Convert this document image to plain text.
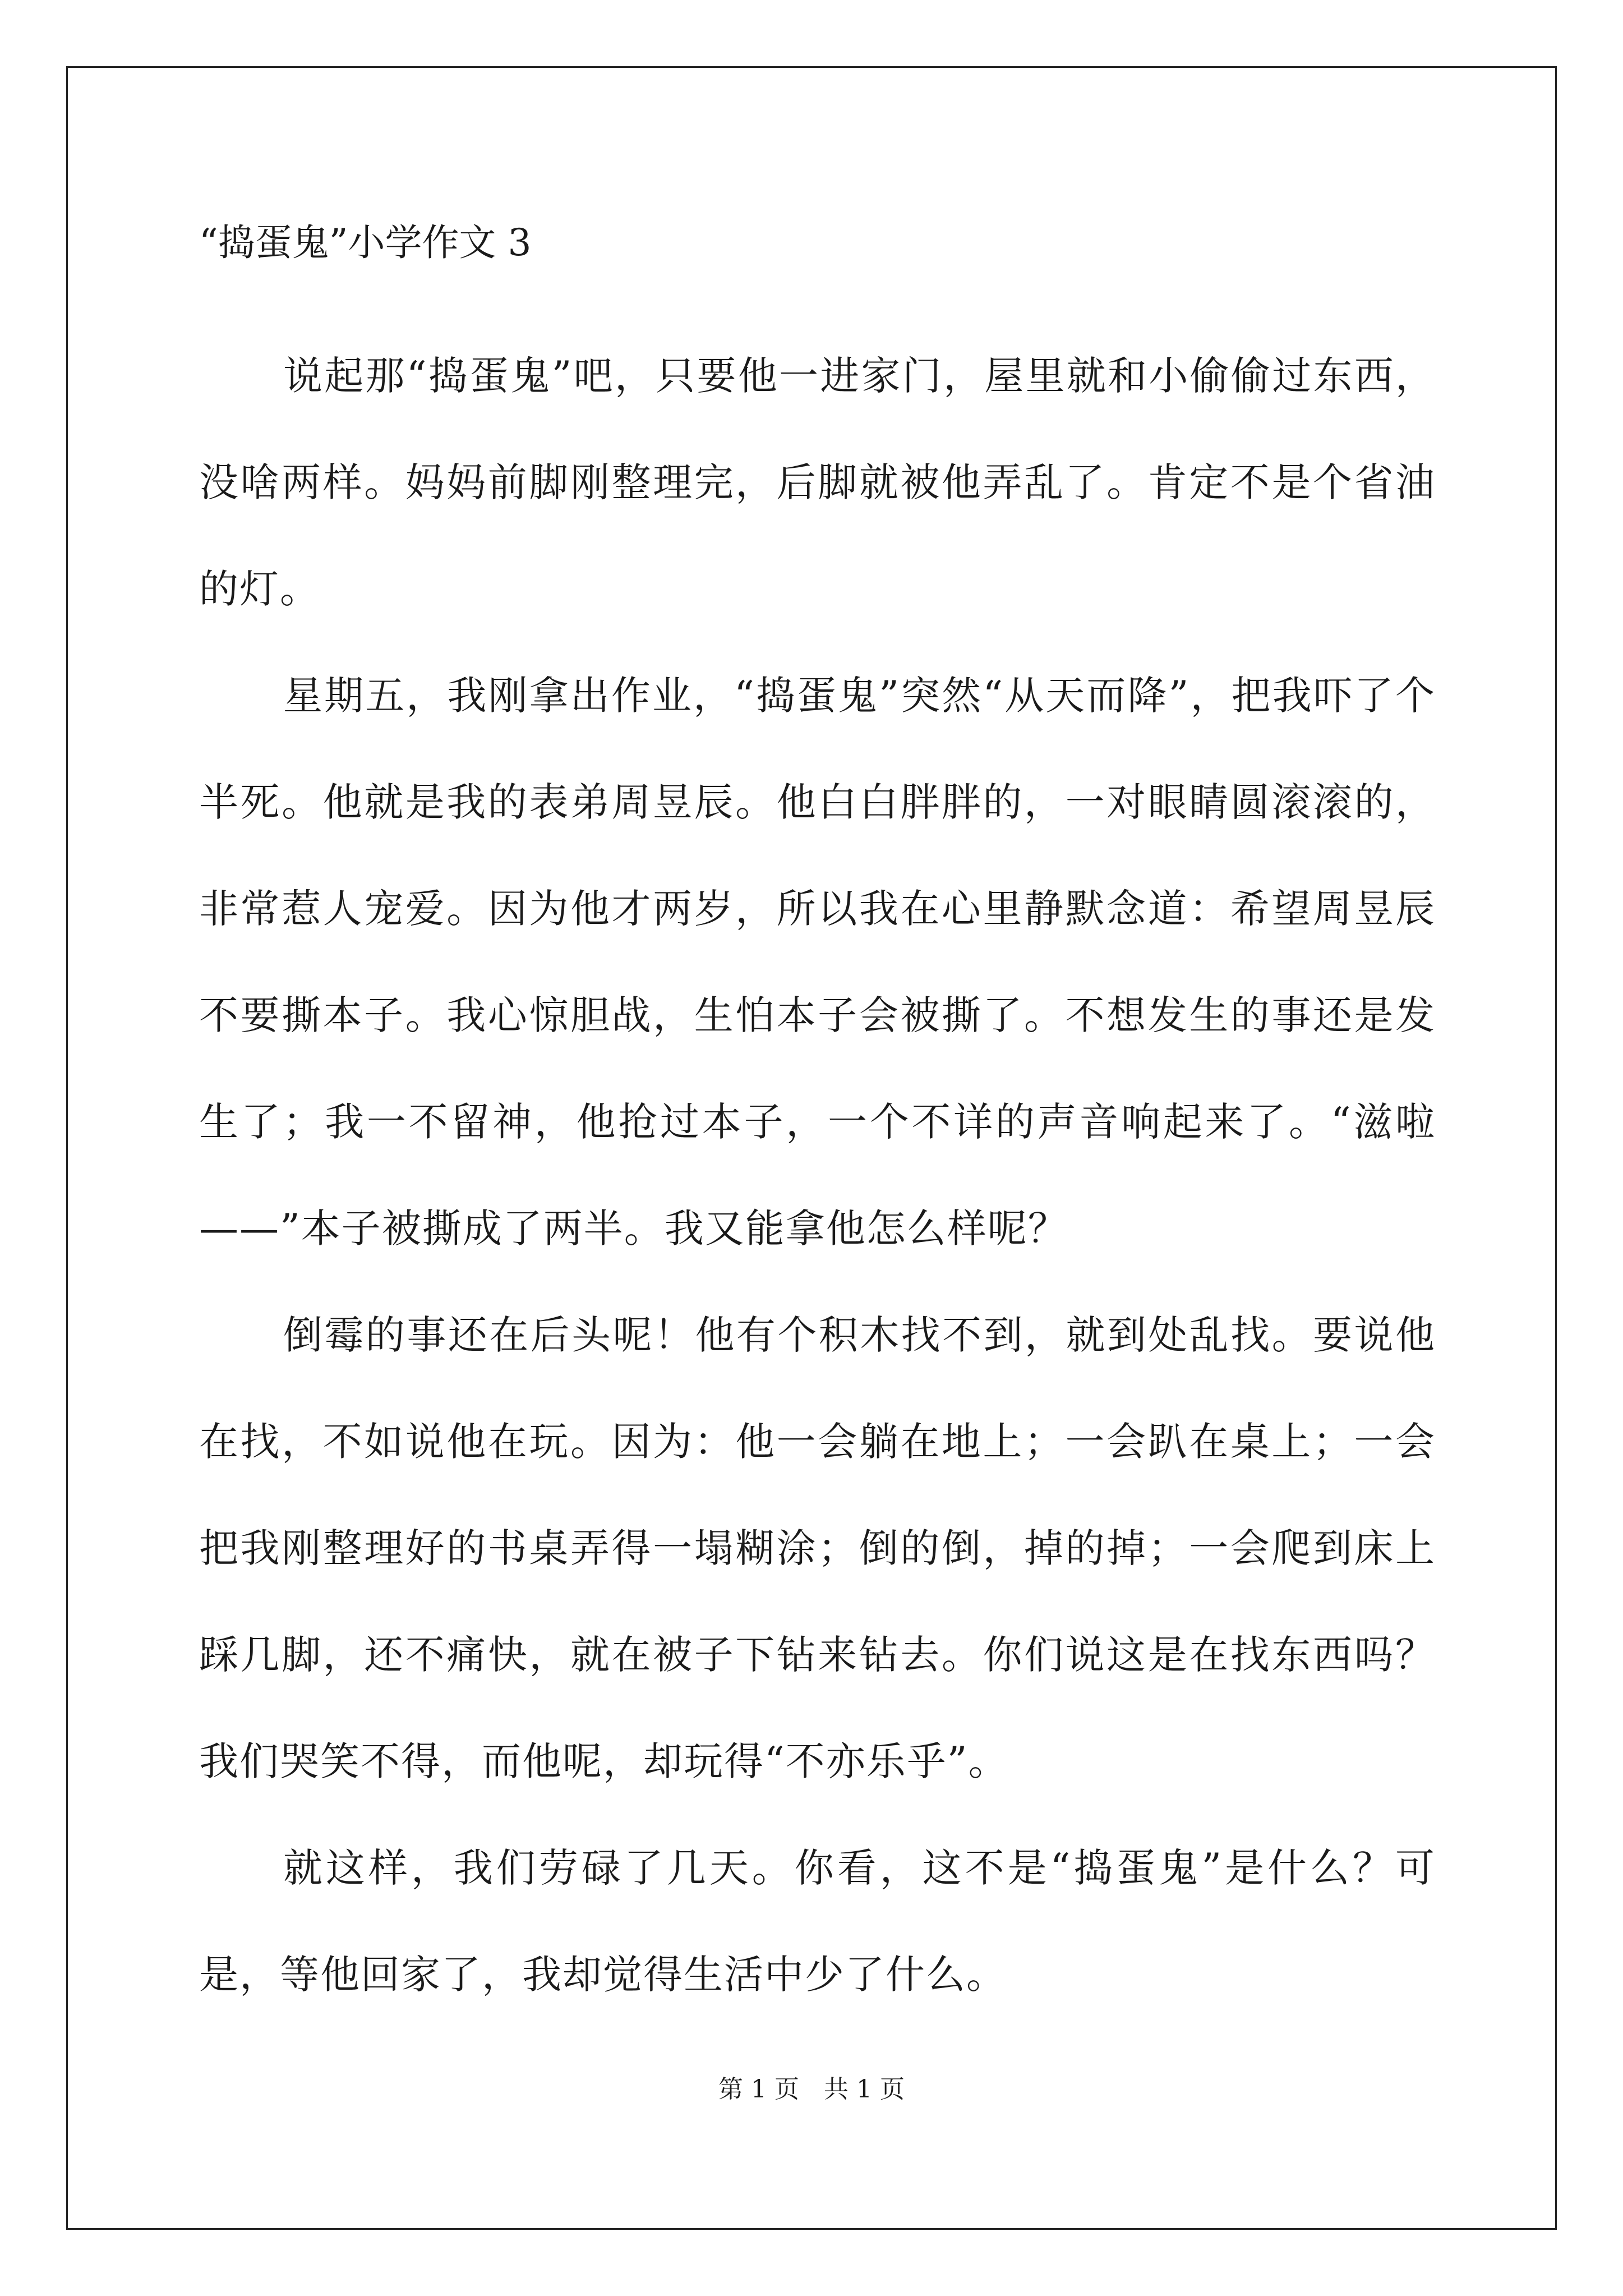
“捣蛋鬼”小学作文 3

说起那“捣蛋鬼”吧，只要他一进家门，屋里就和小偷偷过东西，没啥两样。妈妈前脚刚整理完，后脚就被他弄乱了。肯定不是个省油的灯。

星期五，我刚拿出作业，“捣蛋鬼”突然“从天而降”，把我吓了个半死。他就是我的表弟周昱辰。他白白胖胖的，一对眼睛圆滚滚的，非常惹人宠爱。因为他才两岁，所以我在心里静默念道：希望周昱辰不要撕本子。我心惊胆战，生怕本子会被撕了。不想发生的事还是发生了；我一不留神，他抢过本子，一个不详的声音响起来了。“滋啦——”本子被撕成了两半。我又能拿他怎么样呢？

倒霉的事还在后头呢！他有个积木找不到，就到处乱找。要说他在找，不如说他在玩。因为：他一会躺在地上；一会趴在桌上；一会把我刚整理好的书桌弄得一塌糊涂；倒的倒，掉的掉；一会爬到床上踩几脚，还不痛快，就在被子下钻来钻去。你们说这是在找东西吗？我们哭笑不得，而他呢，却玩得“不亦乐乎”。

就这样，我们劳碌了几天。你看，这不是“捣蛋鬼”是什么？可是，等他回家了，我却觉得生活中少了什么。

第 1 页　共 1 页
